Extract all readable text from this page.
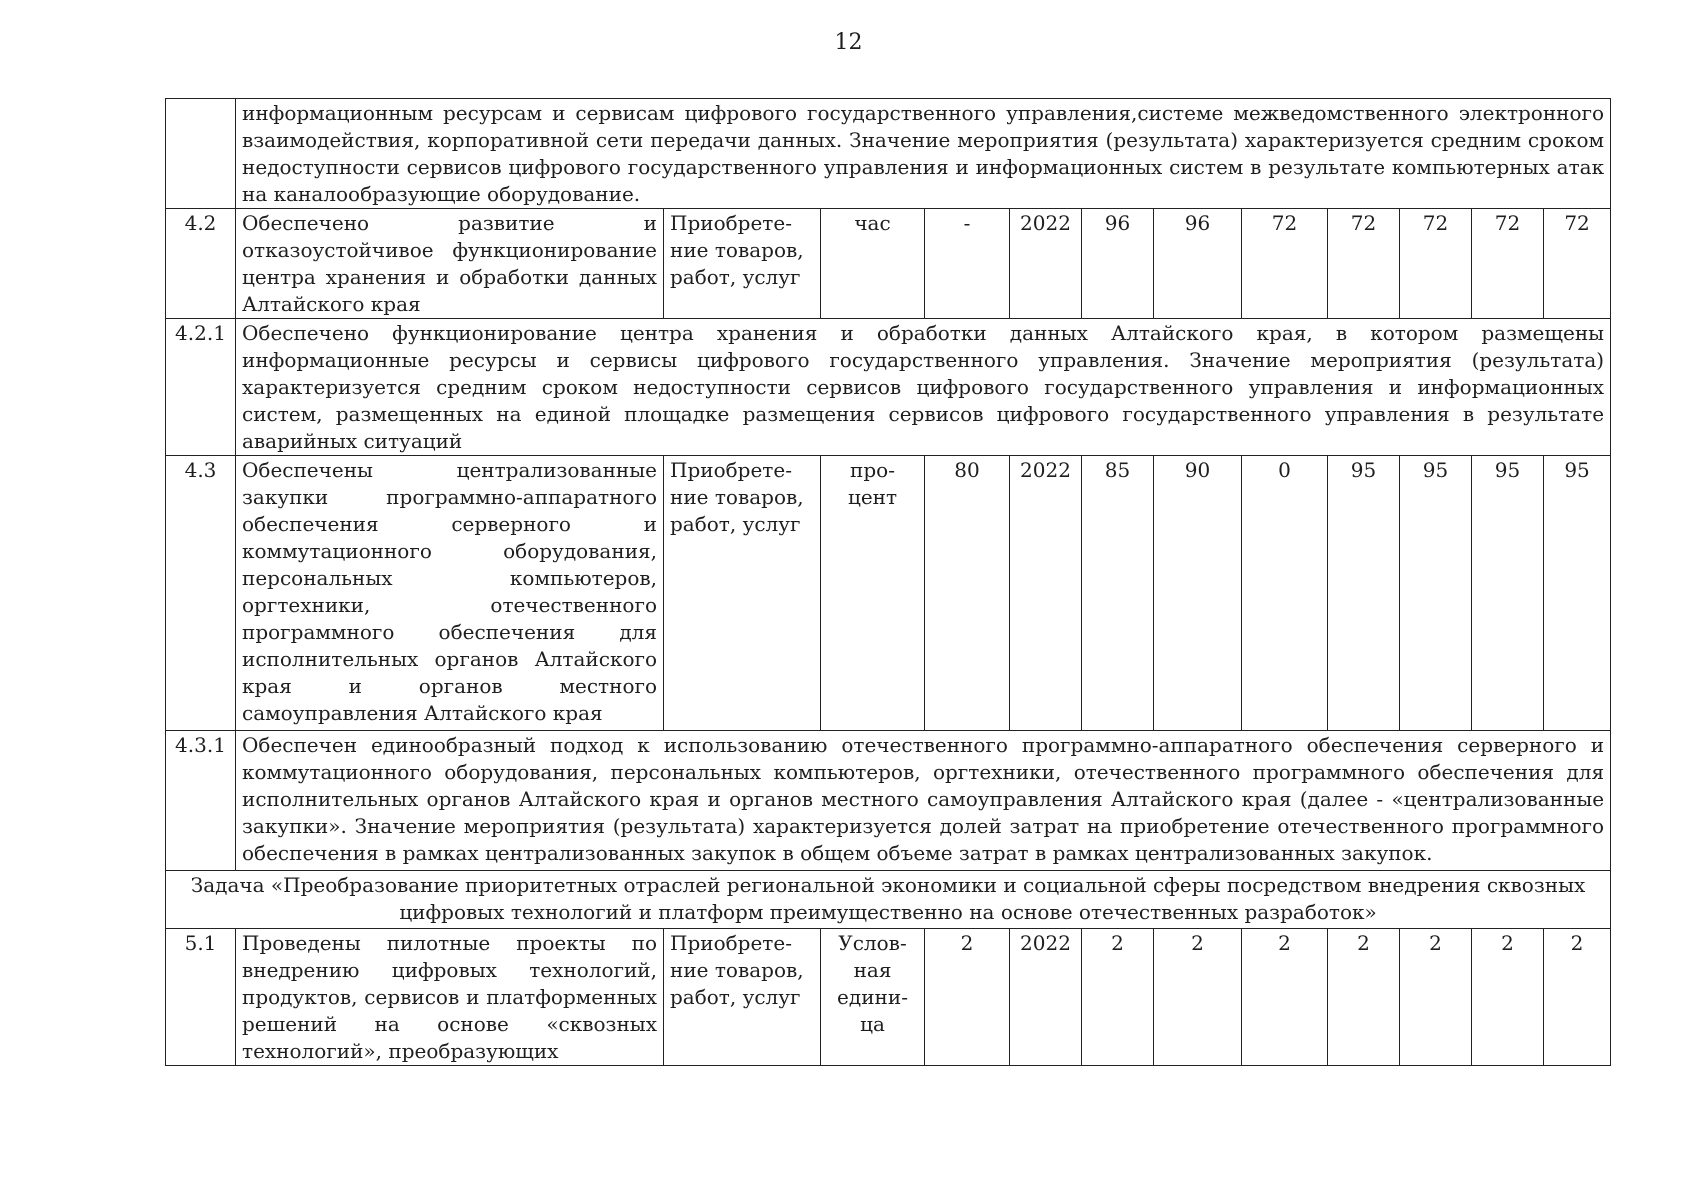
12
	информационным ресурсам и сервисам цифрового государственного управления,системе межведомственного электронного взаимодействия, корпоративной сети передачи данных. Значение мероприятия (результата) характеризуется средним сроком недоступности сервисов цифрового государственного управления и информационных систем в результате компьютерных атак на каналообразующие оборудование.											
4.2	Обеспечено развитие и отказоустойчивое функционирование центра хранения и обработки данных Алтайского края	Приобрете-ние товаров, работ, услуг	час	-	2022	96	96	72	72	72	72	72
4.2.1	Обеспечено функционирование центра хранения и обработки данных Алтайского края, в котором размещены информационные ресурсы и сервисы цифрового государственного управления. Значение мероприятия (результата) характеризуется средним сроком недоступности сервисов цифрового государственного управления и информационных систем, размещенных на единой площадке размещения сервисов цифрового государственного управления в результате аварийных ситуаций											
4.3	Обеспечены централизованные закупки программно-аппаратного обеспечения серверного и коммутационного оборудования, персональных компьютеров, оргтехники, отечественного программного обеспечения для исполнительных органов Алтайского края и органов местного самоуправления Алтайского края	Приобрете-ние товаров, работ, услуг	про-цент	80	2022	85	90	0	95	95	95	95
4.3.1	Обеспечен единообразный подход к использованию отечественного программно-аппаратного обеспечения серверного и коммутационного оборудования, персональных компьютеров, оргтехники, отечественного программного обеспечения для исполнительных органов Алтайского края и органов местного самоуправления Алтайского края (далее - «централизованные закупки». Значение мероприятия (результата) характеризуется долей затрат на приобретение отечественного программного обеспечения в рамках централизованных закупок в общем объеме затрат в рамках централизованных закупок.											
Задача «Преобразование приоритетных отраслей региональной экономики и социальной сферы посредством внедрения сквозных цифровых технологий и платформ преимущественно на основе отечественных разработок»												
5.1	Проведены пилотные проекты по внедрению цифровых технологий, продуктов, сервисов и платформенных решений на основе «сквозных технологий», преобразующих	Приобрете-ние товаров, работ, услуг	Услов-ная едини-ца	2	2022	2	2	2	2	2	2	2
